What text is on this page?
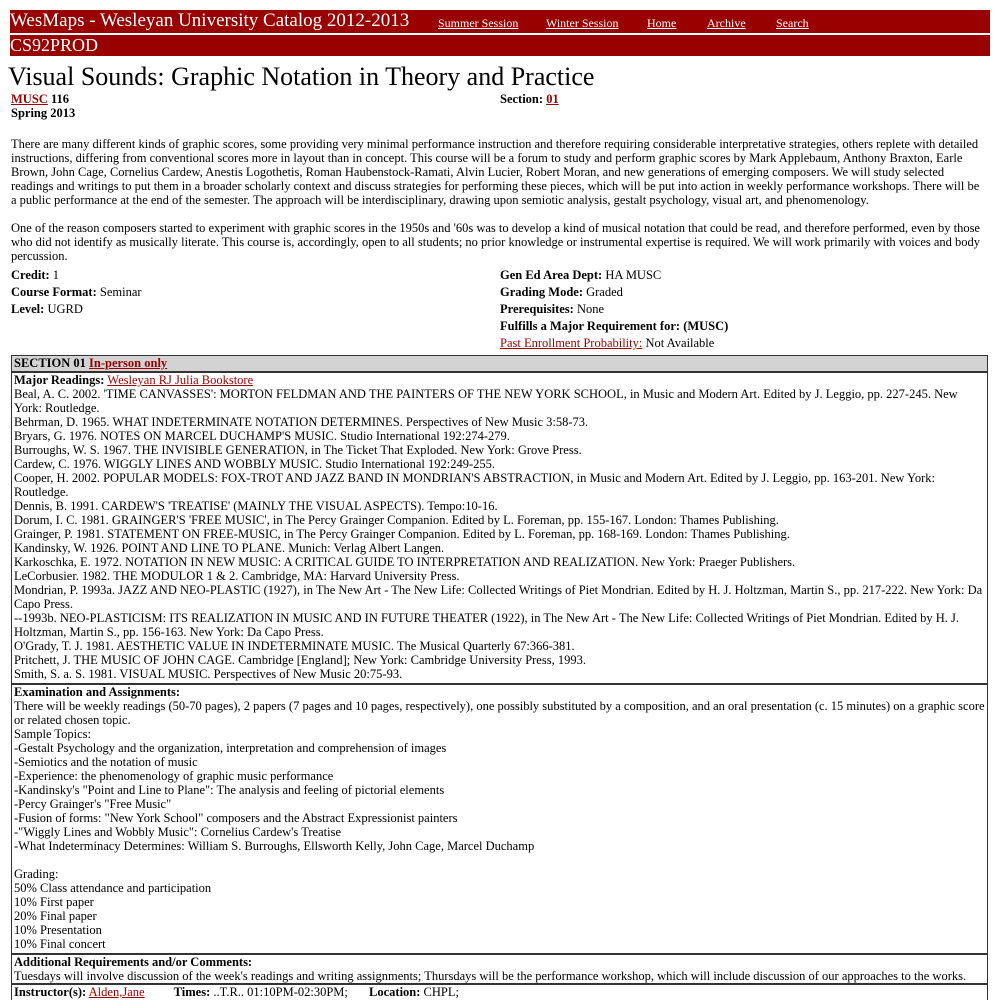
WesMaps - Wesleyan University Catalog 2012-2013 Summer Session Winter Session Home	Archive	Search
CS92PROD
Visual Sounds: Graphic Notation in Theory and Practice
MUSC 116
Spring 2013
Section: 01

There are many different kinds of graphic scores, some providing very minimal performance instruction and therefore requiring considerable interpretative strategies, others replete with detailed instructions, differing from conventional scores more in layout than in concept. This course will be a forum to study and perform graphic scores by Mark Applebaum, Anthony Braxton, Earle Brown, John Cage, Cornelius Cardew, Anestis Logothetis, Roman Haubenstock-Ramati, Alvin Lucier, Robert Moran, and new generations of emerging composers. We will study selected readings and writings to put them in a broader scholarly context and discuss strategies for performing these pieces, which will be put into action in weekly performance workshops. There will be a public performance at the end of the semester. The approach will be interdisciplinary, drawing upon semiotic analysis, gestalt psychology, visual art, and phenomenology.

One of the reason composers started to experiment with graphic scores in the 1950s and '60s was to develop a kind of musical notation that could be read, and therefore performed, even by those who did not identify as musically literate. This course is, accordingly, open to all students; no prior knowledge or instrumental expertise is required. We will work primarily with voices and body percussion.

Credit: 1
Course Format: Seminar
Level: UGRD
Gen Ed Area Dept: HA MUSC
Grading Mode: Graded
Prerequisites: None
Fulfills a Major Requirement for: (MUSC)
Past Enrollment Probability: Not Available
SECTION 01 In-person only
Major Readings: Wesleyan RJ Julia Bookstore
Beal, A. C. 2002. 'TIME CANVASSES': MORTON FELDMAN AND THE PAINTERS OF THE NEW YORK SCHOOL, in Music and Modern Art. Edited by J. Leggio, pp. 227-245. New York: Routledge.
Behrman, D. 1965. WHAT INDETERMINATE NOTATION DETERMINES. Perspectives of New Music 3:58-73.
Bryars, G. 1976. NOTES ON MARCEL DUCHAMP'S MUSIC. Studio International 192:274-279.
Burroughs, W. S. 1967. THE INVISIBLE GENERATION, in The Ticket That Exploded. New York: Grove Press.
Cardew, C. 1976. WIGGLY LINES AND WOBBLY MUSIC. Studio International 192:249-255.
Cooper, H. 2002. POPULAR MODELS: FOX-TROT AND JAZZ BAND IN MONDRIAN'S ABSTRACTION, in Music and Modern Art. Edited by J. Leggio, pp. 163-201. New York: Routledge.
Dennis, B. 1991. CARDEW'S 'TREATISE' (MAINLY THE VISUAL ASPECTS). Tempo:10-16.
Dorum, I. C. 1981. GRAINGER'S 'FREE MUSIC', in The Percy Grainger Companion. Edited by L. Foreman, pp. 155-167. London: Thames Publishing.
Grainger, P. 1981. STATEMENT ON FREE-MUSIC, in The Percy Grainger Companion. Edited by L. Foreman, pp. 168-169. London: Thames Publishing.
Kandinsky, W. 1926. POINT AND LINE TO PLANE. Munich: Verlag Albert Langen.
Karkoschka, E. 1972. NOTATION IN NEW MUSIC: A CRITICAL GUIDE TO INTERPRETATION AND REALIZATION. New York: Praeger Publishers.
LeCorbusier. 1982. THE MODULOR 1 & 2. Cambridge, MA: Harvard University Press.
Mondrian, P. 1993a. JAZZ AND NEO-PLASTIC (1927), in The New Art - The New Life: Collected Writings of Piet Mondrian. Edited by H. J. Holtzman, Martin S., pp. 217-222. New York: Da Capo Press.
--1993b. NEO-PLASTICISM: ITS REALIZATION IN MUSIC AND IN FUTURE THEATER (1922), in The New Art - The New Life: Collected Writings of Piet Mondrian. Edited by H. J. Holtzman, Martin S., pp. 156-163. New York: Da Capo Press.
O'Grady, T. J. 1981. AESTHETIC VALUE IN INDETERMINATE MUSIC. The Musical Quarterly 67:366-381.
Pritchett, J. THE MUSIC OF JOHN CAGE. Cambridge [England]; New York: Cambridge University Press, 1993.
Smith, S. a. S. 1981. VISUAL MUSIC. Perspectives of New Music 20:75-93.
Examination and Assignments:
There will be weekly readings (50-70 pages), 2 papers (7 pages and 10 pages, respectively), one possibly substituted by a composition, and an oral presentation (c. 15 minutes) on a graphic score or related chosen topic.
Sample Topics:
-Gestalt Psychology and the organization, interpretation and comprehension of images
-Semiotics and the notation of music
-Experience: the phenomenology of graphic music performance
-Kandinsky's "Point and Line to Plane": The analysis and feeling of pictorial elements
-Percy Grainger's "Free Music"
-Fusion of forms: "New York School" composers and the Abstract Expressionist painters
-"Wiggly Lines and Wobbly Music": Cornelius Cardew's Treatise
-What Indeterminacy Determines: William S. Burroughs, Ellsworth Kelly, John Cage, Marcel Duchamp
Grading:
50% Class attendance and participation
10% First paper
20% Final paper
10% Presentation
10% Final concert
Additional Requirements and/or Comments:
Tuesdays will involve discussion of the week's readings and writing assignments; Thursdays will be the performance workshop, which will include discussion of our approaches to the works.
Instructor(s): Alden,Jane Times: ..T.R.. 01:10PM-02:30PM; Location: CHPL;
